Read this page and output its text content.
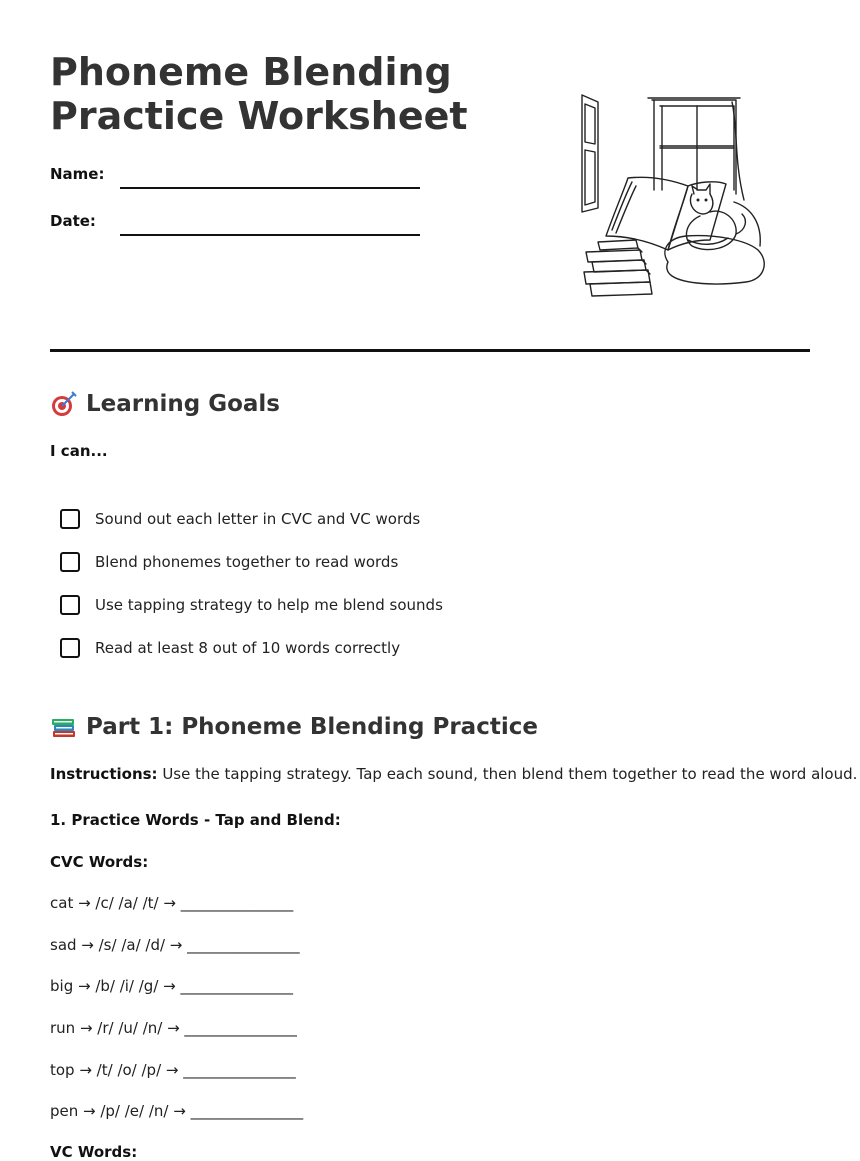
Phoneme Blending
Practice Worksheet
Name:
Date:
Learning Goals
I can...
Sound out each letter in CVC and VC words
Blend phonemes together to read words
Use tapping strategy to help me blend sounds
Read at least 8 out of 10 words correctly
Part 1: Phoneme Blending Practice
Instructions: Use the tapping strategy. Tap each sound, then blend them together to read the word aloud.
1. Practice Words - Tap and Blend:
CVC Words:
cat → /c/ /a/ /t/ → _______________
sad → /s/ /a/ /d/ → _______________
big → /b/ /i/ /g/ → _______________
run → /r/ /u/ /n/ → _______________
top → /t/ /o/ /p/ → _______________
pen → /p/ /e/ /n/ → _______________
VC Words:
